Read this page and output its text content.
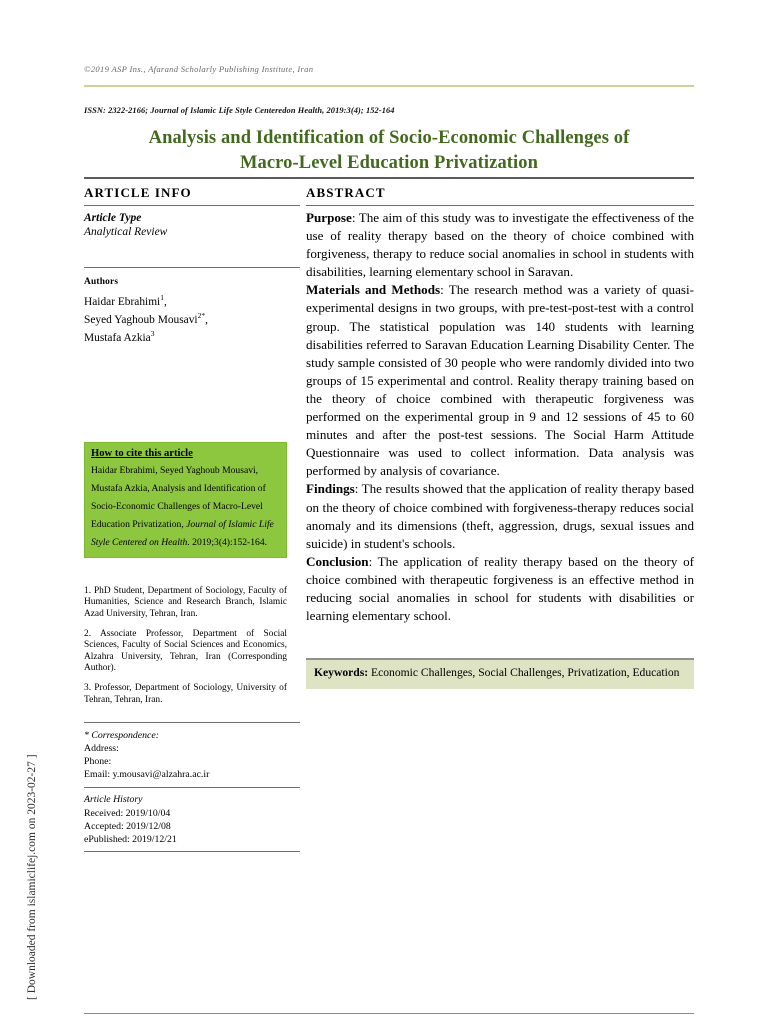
[ Downloaded from islamiclifej.com on 2023-02-27 ]
©2019 ASP Ins., Afarand Scholarly Publishing Institute, Iran
ISSN: 2322-2166; Journal of Islamic Life Style Centeredon Health, 2019:3(4); 152-164
Analysis and Identification of Socio-Economic Challenges of
Macro-Level Education Privatization
ARTICLE INFO
Article Type
Analytical Review
Authors
Haidar Ebrahimi$^1$,
Seyed Yaghoub Mousavi$^{2*}$,
Mustafa Azkia$^3$
How to cite this article
Haidar Ebrahimi, Seyed Yaghoub Mousavi, Mustafa Azkia, Analysis and Identification of Socio-Economic Challenges of Macro-Level Education Privatization, Journal of Islamic Life Style Centered on Health. 2019;3(4):152-164.
1. PhD Student, Department of Sociology, Faculty of Humanities, Science and Research Branch, Islamic Azad University, Tehran, Iran.
2. Associate Professor, Department of Social Sciences, Faculty of Social Sciences and Economics, Alzahra University, Tehran, Iran (Corresponding Author).
3. Professor, Department of Sociology, University of Tehran, Tehran, Iran.
* Correspondence:
Address:
Phone:
Email: y.mousavi@alzahra.ac.ir
Article History
Received: 2019/10/04
Accepted: 2019/12/08
ePublished: 2019/12/21
ABSTRACT

Purpose: The aim of this study was to investigate the effectiveness of the use of reality therapy based on the theory of choice combined with forgiveness, therapy to reduce social anomalies in school in students with disabilities, learning elementary school in Saravan.

Materials and Methods: The research method was a variety of quasi-experimental designs in two groups, with pre-test-post-test with a control group. The statistical population was 140 students with learning disabilities referred to Saravan Education Learning Disability Center. The study sample consisted of 30 people who were randomly divided into two groups of 15 experimental and control. Reality therapy training based on the theory of choice combined with therapeutic forgiveness was performed on the experimental group in 9 and 12 sessions of 45 to 60 minutes and after the post-test sessions. The Social Harm Attitude Questionnaire was used to collect information. Data analysis was performed by analysis of covariance.

Findings: The results showed that the application of reality therapy based on the theory of choice combined with forgiveness-therapy reduces social anomaly and its dimensions (theft, aggression, drugs, sexual issues and suicide) in student's schools.

Conclusion: The application of reality therapy based on the theory of choice combined with therapeutic forgiveness is an effective method in reducing social anomalies in school for students with disabilities or learning elementary school.

Keywords: Economic Challenges, Social Challenges, Privatization, Education
